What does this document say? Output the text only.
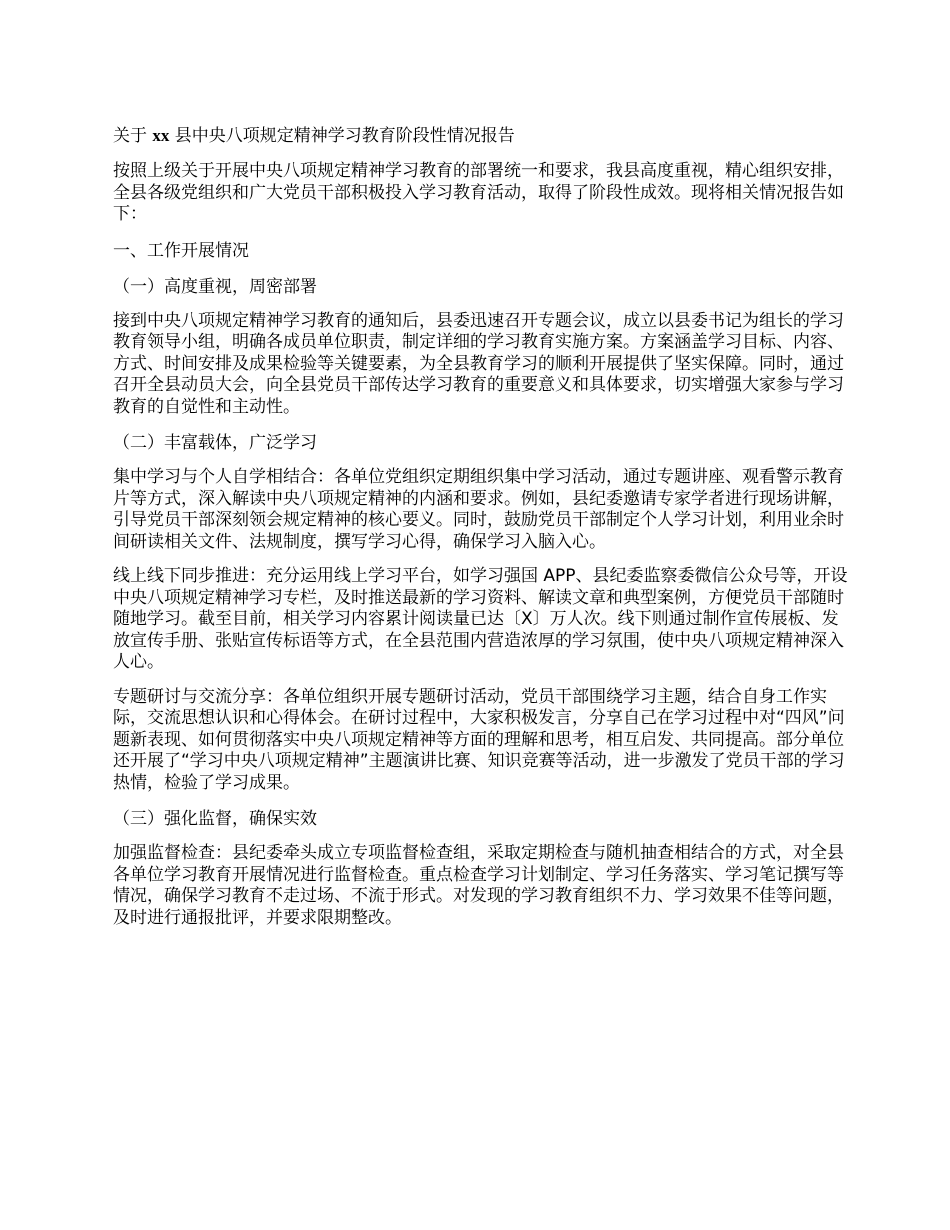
关于 xx 县中央八项规定精神学习教育阶段性情况报告
按照上级关于开展中央八项规定精神学习教育的部署统一和要求，我县高度重视，精心组织安排，全县各级党组织和广大党员干部积极投入学习教育活动，取得了阶段性成效。现将相关情况报告如下：
一、工作开展情况
（一）高度重视，周密部署
接到中央八项规定精神学习教育的通知后，县委迅速召开专题会议，成立以县委书记为组长的学习教育领导小组，明确各成员单位职责，制定详细的学习教育实施方案。方案涵盖学习目标、内容、方式、时间安排及成果检验等关键要素，为全县教育学习的顺利开展提供了坚实保障。同时，通过召开全县动员大会，向全县党员干部传达学习教育的重要意义和具体要求，切实增强大家参与学习教育的自觉性和主动性。
（二）丰富载体，广泛学习
集中学习与个人自学相结合：各单位党组织定期组织集中学习活动，通过专题讲座、观看警示教育片等方式，深入解读中央八项规定精神的内涵和要求。例如，县纪委邀请专家学者进行现场讲解，引导党员干部深刻领会规定精神的核心要义。同时，鼓励党员干部制定个人学习计划，利用业余时间研读相关文件、法规制度，撰写学习心得，确保学习入脑入心。
线上线下同步推进：充分运用线上学习平台，如学习强国 APP、县纪委监察委微信公众号等，开设中央八项规定精神学习专栏，及时推送最新的学习资料、解读文章和典型案例，方便党员干部随时随地学习。截至目前，相关学习内容累计阅读量已达〔X〕万人次。线下则通过制作宣传展板、发放宣传手册、张贴宣传标语等方式，在全县范围内营造浓厚的学习氛围，使中央八项规定精神深入人心。
专题研讨与交流分享：各单位组织开展专题研讨活动，党员干部围绕学习主题，结合自身工作实际，交流思想认识和心得体会。在研讨过程中，大家积极发言，分享自己在学习过程中对“四风”问题新表现、如何贯彻落实中央八项规定精神等方面的理解和思考，相互启发、共同提高。部分单位还开展了“学习中央八项规定精神”主题演讲比赛、知识竞赛等活动，进一步激发了党员干部的学习热情，检验了学习成果。
（三）强化监督，确保实效
加强监督检查：县纪委牵头成立专项监督检查组，采取定期检查与随机抽查相结合的方式，对全县各单位学习教育开展情况进行监督检查。重点检查学习计划制定、学习任务落实、学习笔记撰写等情况，确保学习教育不走过场、不流于形式。对发现的学习教育组织不力、学习效果不佳等问题，及时进行通报批评，并要求限期整改。
